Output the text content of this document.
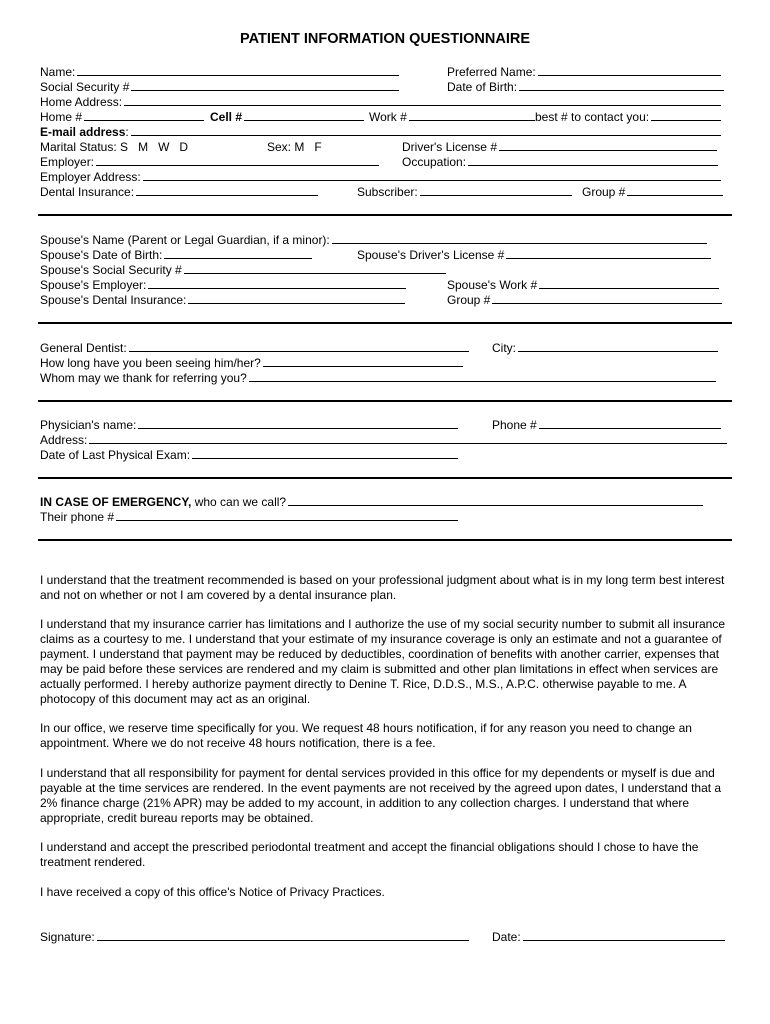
PATIENT INFORMATION QUESTIONNAIRE
Name:	Preferred Name:
Social Security #	Date of Birth:
Home Address:
Home #	Cell #	Work #	best # to contact you:
E-mail address:
Marital Status: S M W D	Sex: M F	Driver's License #
Employer:	Occupation:
Employer Address:
Dental Insurance:	Subscriber:	Group #
Spouse's Name (Parent or Legal Guardian, if a minor):
Spouse's Date of Birth:	Spouse's Driver's License #
Spouse's Social Security #
Spouse's Employer:	Spouse's Work #
Spouse's Dental Insurance:	Group #
General Dentist:	City:
How long have you been seeing him/her?
Whom may we thank for referring you?
Physician's name:	Phone #
Address:
Date of Last Physical Exam:
IN CASE OF EMERGENCY, who can we call?
Their phone #

I understand that the treatment recommended is based on your professional judgment about what is in my long term best interest and not on whether or not I am covered by a dental insurance plan.

I understand that my insurance carrier has limitations and I authorize the use of my social security number to submit all insurance claims as a courtesy to me. I understand that your estimate of my insurance coverage is only an estimate and not a guarantee of payment. I understand that payment may be reduced by deductibles, coordination of benefits with another carrier, expenses that may be paid before these services are rendered and my claim is submitted and other plan limitations in effect when services are actually performed. I hereby authorize payment directly to Denine T. Rice, D.D.S., M.S., A.P.C. otherwise payable to me. A photocopy of this document may act as an original.

In our office, we reserve time specifically for you. We request 48 hours notification, if for any reason you need to change an appointment. Where we do not receive 48 hours notification, there is a fee.

I understand that all responsibility for payment for dental services provided in this office for my dependents or myself is due and payable at the time services are rendered. In the event payments are not received by the agreed upon dates, I understand that a 2% finance charge (21% APR) may be added to my account, in addition to any collection charges. I understand that where appropriate, credit bureau reports may be obtained.

I understand and accept the prescribed periodontal treatment and accept the financial obligations should I chose to have the treatment rendered.

I have received a copy of this office's Notice of Privacy Practices.

Signature:	Date:
